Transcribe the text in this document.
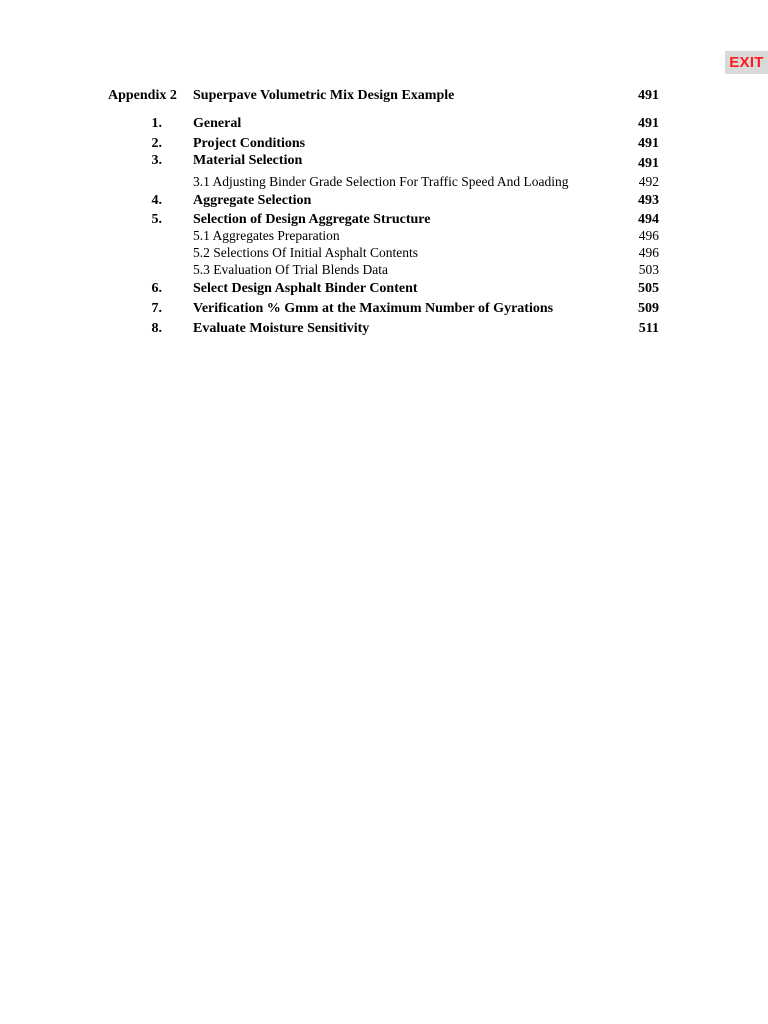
EXIT
Appendix 2 Superpave Volumetric Mix Design Example	491
1. General	491
2. Project Conditions	491
3. Material Selection	491
3.1 Adjusting Binder Grade Selection For Traffic Speed And Loading	492
4. Aggregate Selection	493
5. Selection of Design Aggregate Structure	494
5.1 Aggregates Preparation	496
5.2 Selections Of Initial Asphalt Contents	496
5.3 Evaluation Of Trial Blends Data	503
6. Select Design Asphalt Binder Content	505
7. Verification % Gmm at the Maximum Number of Gyrations	509
8. Evaluate Moisture Sensitivity	511
